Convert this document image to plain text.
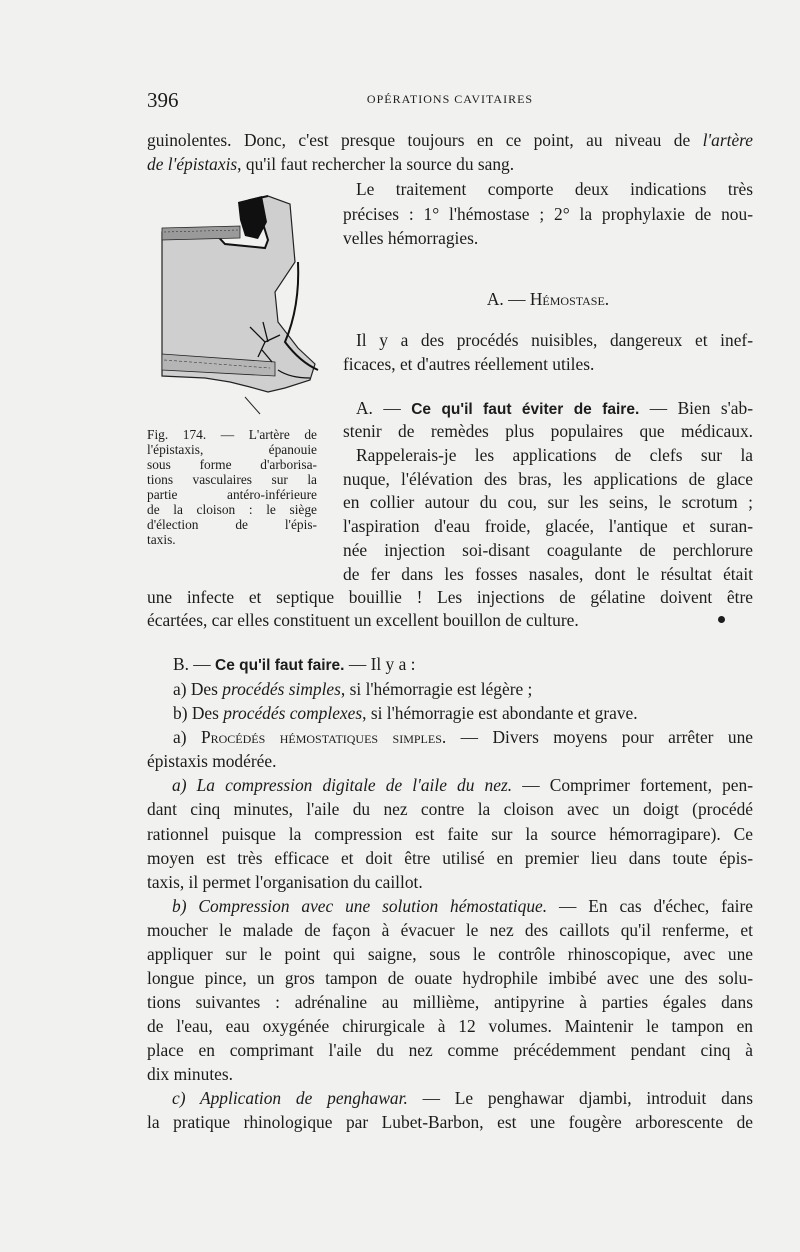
396	OPÉRATIONS CAVITAIRES
guinolentes. Donc, c'est presque toujours en ce point, au niveau de l'artère
de l'épistaxis, qu'il faut rechercher la source du sang.
Le traitement comporte deux indications très
précises : 1° l'hémostase ; 2° la prophylaxie de nou-
velles hémorragies.
A. — Hémostase.
Il y a des procédés nuisibles, dangereux et inef-
ficaces, et d'autres réellement utiles.
A. — Ce qu'il faut éviter de faire. — Bien s'ab-
stenir de remèdes plus populaires que médicaux.
Rappelerais-je les applications de clefs sur la
nuque, l'élévation des bras, les applications de glace
en collier autour du cou, sur les seins, le scrotum ;
l'aspiration d'eau froide, glacée, l'antique et suran-
née injection soi-disant coagulante de perchlorure
de fer dans les fosses nasales, dont le résultat était
une infecte et septique bouillie ! Les injections de gélatine doivent être
écartées, car elles constituent un excellent bouillon de culture.
B. — Ce qu'il faut faire. — Il y a :
a) Des procédés simples, si l'hémorragie est légère ;
b) Des procédés complexes, si l'hémorragie est abondante et grave.
a) Procédés hémostatiques simples. — Divers moyens pour arrêter une
épistaxis modérée.
a) La compression digitale de l'aile du nez. — Comprimer fortement, pen-
dant cinq minutes, l'aile du nez contre la cloison avec un doigt (procédé
rationnel puisque la compression est faite sur la source hémorragipare). Ce
moyen est très efficace et doit être utilisé en premier lieu dans toute épis-
taxis, il permet l'organisation du caillot.
b) Compression avec une solution hémostatique. — En cas d'échec, faire
moucher le malade de façon à évacuer le nez des caillots qu'il renferme, et
appliquer sur le point qui saigne, sous le contrôle rhinoscopique, avec une
longue pince, un gros tampon de ouate hydrophile imbibé avec une des solu-
tions suivantes : adrénaline au millième, antipyrine à parties égales dans
de l'eau, eau oxygénée chirurgicale à 12 volumes. Maintenir le tampon en
place en comprimant l'aile du nez comme précédemment pendant cinq à
dix minutes.
c) Application de penghawar. — Le penghawar djambi, introduit dans
la pratique rhinologique par Lubet-Barbon, est une fougère arborescente de
Fig. 174. — L'artère de
l'épistaxis, épanouie
sous forme d'arborisa-
tions vasculaires sur la
partie antéro-inférieure
de la cloison : le siège
d'élection de l'épis-
taxis.
